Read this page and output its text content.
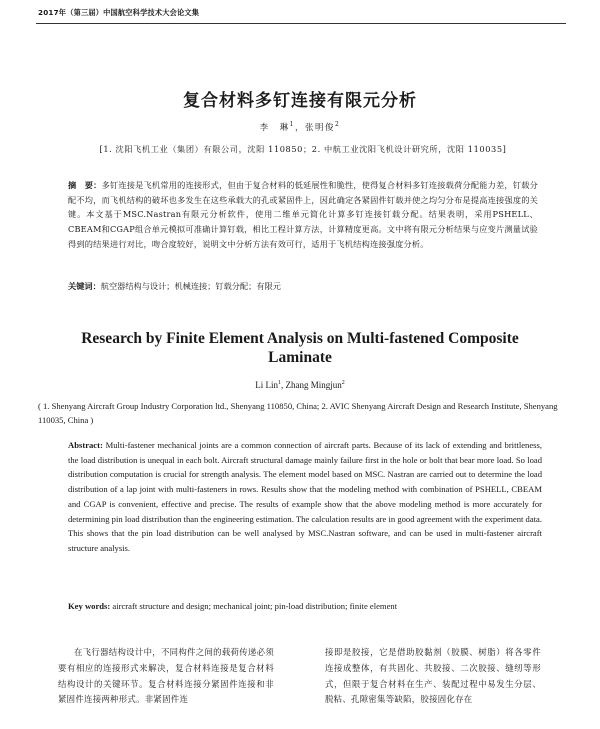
2017年（第三届）中国航空科学技术大会论文集
复合材料多钉连接有限元分析
李　琳$^1$，张明俊$^2$
[1. 沈阳飞机工业（集团）有限公司，沈阳 110850；2. 中航工业沈阳飞机设计研究所，沈阳 110035]
摘　要：多钉连接是飞机常用的连接形式，但由于复合材料的低延展性和脆性，使得复合材料多钉连接载荷分配能力差，钉载分配不均，而飞机结构的破坏也多发生在这些承载大的孔或紧固件上，因此确定各紧固件钉载并使之均匀分布是提高连接强度的关键。本文基于MSC.Nastran有限元分析软件，使用二维单元简化计算多钉连接钉载分配。结果表明，采用PSHELL、CBEAM和CGAP组合单元模拟可准确计算钉载，相比工程计算方法，计算精度更高。文中将有限元分析结果与应变片测量试验得到的结果进行对比，吻合度较好，说明文中分析方法有效可行，适用于飞机结构连接强度分析。
关键词：航空器结构与设计；机械连接；钉载分配；有限元
Research by Finite Element Analysis on Multi-fastened Composite Laminate
Li Lin$^1$, Zhang Mingjun$^2$
( 1. Shenyang Aircraft Group Industry Corporation ltd., Shenyang 110850, China; 2. AVIC Shenyang Aircraft Design and Research Institute, Shenyang 110035, China )
Abstract: Multi-fastener mechanical joints are a common connection of aircraft parts. Because of its lack of extending and brittleness, the load distribution is unequal in each bolt. Aircraft structural damage mainly failure first in the hole or bolt that bear more load. So load distribution computation is crucial for strength analysis. The element model based on MSC. Nastran are carried out to determine the load distribution of a lap joint with multi-fasteners in rows. Results show that the modeling method with combination of PSHELL, CBEAM and CGAP is convenient, effective and precise. The results of example show that the above modeling method is more accurately for determining pin load distribution than the engineering estimation. The calculation results are in good agreement with the experiment data. This shows that the pin load distribution can be well analysed by MSC.Nastran software, and can be used in multi-fastener aircraft structure analysis.
Key words: aircraft structure and design; mechanical joint; pin-load distribution; finite element
在飞行器结构设计中，不同构件之间的载荷传递必须要有相应的连接形式来解决，复合材料连接是复合材料结构设计的关键环节。复合材料连接分紧固件连接和非紧固件连接两种形式。非紧固件连
接即是胶接，它是借助胶黏剂（胶膜、树脂）将各零件连接成整体，有共固化、共胶接、二次胶接、缝纫等形式，但限于复合材料在生产、装配过程中易发生分层、脱粘、孔隙密集等缺陷，胶接固化存在
